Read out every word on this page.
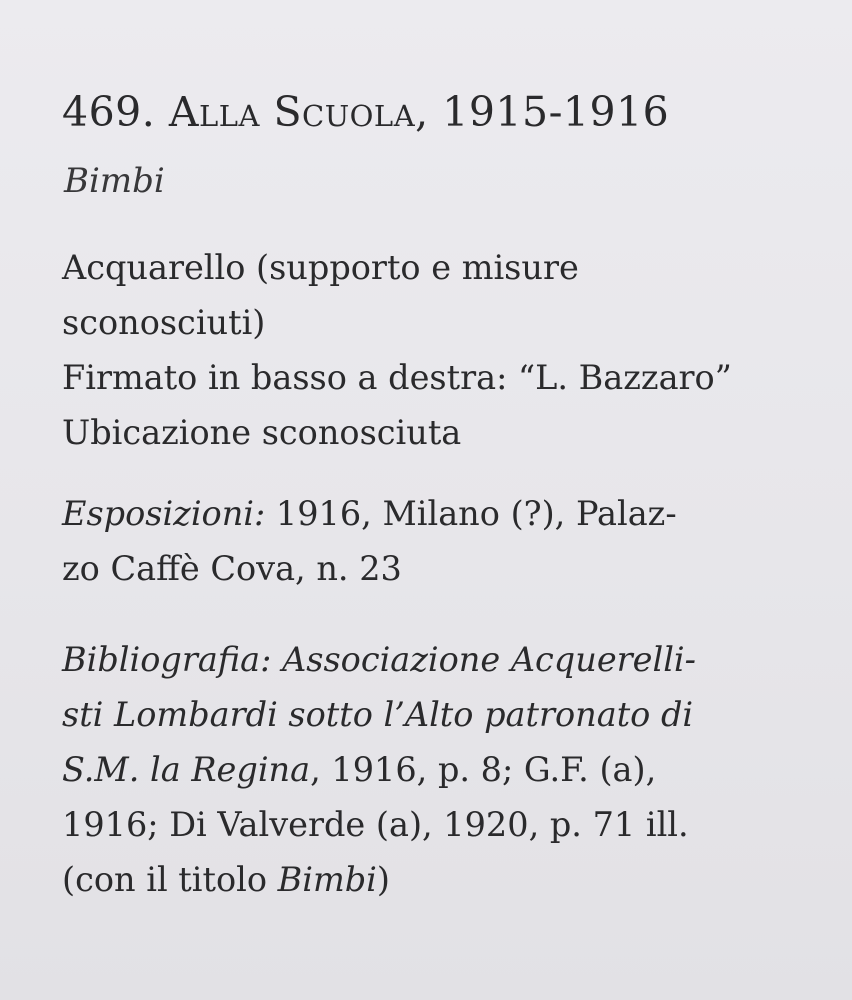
469. Alla Scuola, 1915-1916
Bimbi
Acquarello (supporto e misure
sconosciuti)
Firmato in basso a destra: “L. Bazzaro”
Ubicazione sconosciuta
Esposizioni: 1916, Milano (?), Palaz-
zo Caffè Cova, n. 23
Bibliografia: Associazione Acquerelli-
sti Lombardi sotto l’Alto patronato di
S.M. la Regina, 1916, p. 8; G.F. (a),
1916; Di Valverde (a), 1920, p. 71 ill.
(con il titolo Bimbi)
